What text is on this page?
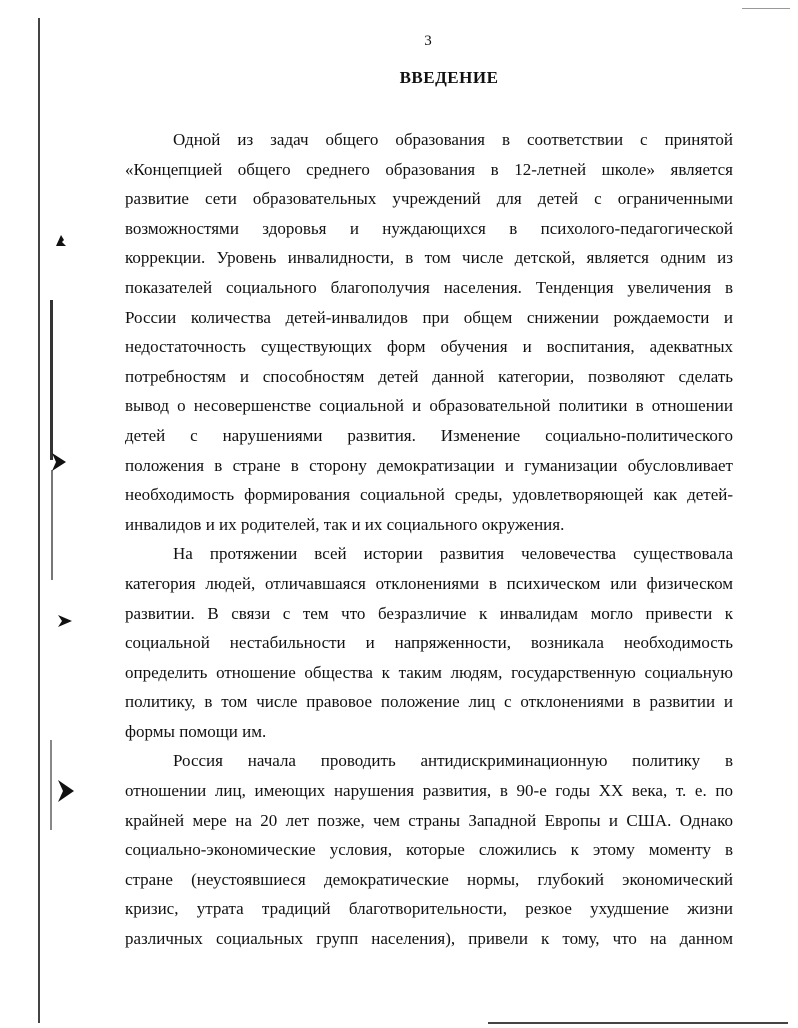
3
ВВЕДЕНИЕ

Одной из задач общего образования в соответствии с принятой
«Концепцией общего среднего образования в 12-летней школе» является
развитие сети образовательных учреждений для детей с ограниченными
возможностями здоровья и нуждающихся в психолого-педагогической
коррекции. Уровень инвалидности, в том числе детской, является одним из
показателей социального благополучия населения. Тенденция увеличения в
России количества детей-инвалидов при общем снижении рождаемости и
недостаточность существующих форм обучения и воспитания, адекватных
потребностям и способностям детей данной категории, позволяют сделать
вывод о несовершенстве социальной и образовательной политики в отношении
детей с нарушениями развития. Изменение социально-политического
положения в стране в сторону демократизации и гуманизации обусловливает
необходимость формирования социальной среды, удовлетворяющей как детей-
инвалидов и их родителей, так и их социального окружения.

На протяжении всей истории развития человечества существовала
категория людей, отличавшаяся отклонениями в психическом или физическом
развитии. В связи с тем что безразличие к инвалидам могло привести к
социальной нестабильности и напряженности, возникала необходимость
определить отношение общества к таким людям, государственную социальную
политику, в том числе правовое положение лиц с отклонениями в развитии и
формы помощи им.

Россия начала проводить антидискриминационную политику в
отношении лиц, имеющих нарушения развития, в 90-е годы XX века, т. е. по
крайней мере на 20 лет позже, чем страны Западной Европы и США. Однако
социально-экономические условия, которые сложились к этому моменту в
стране (неустоявшиеся демократические нормы, глубокий экономический
кризис, утрата традиций благотворительности, резкое ухудшение жизни
различных социальных групп населения), привели к тому, что на данном
